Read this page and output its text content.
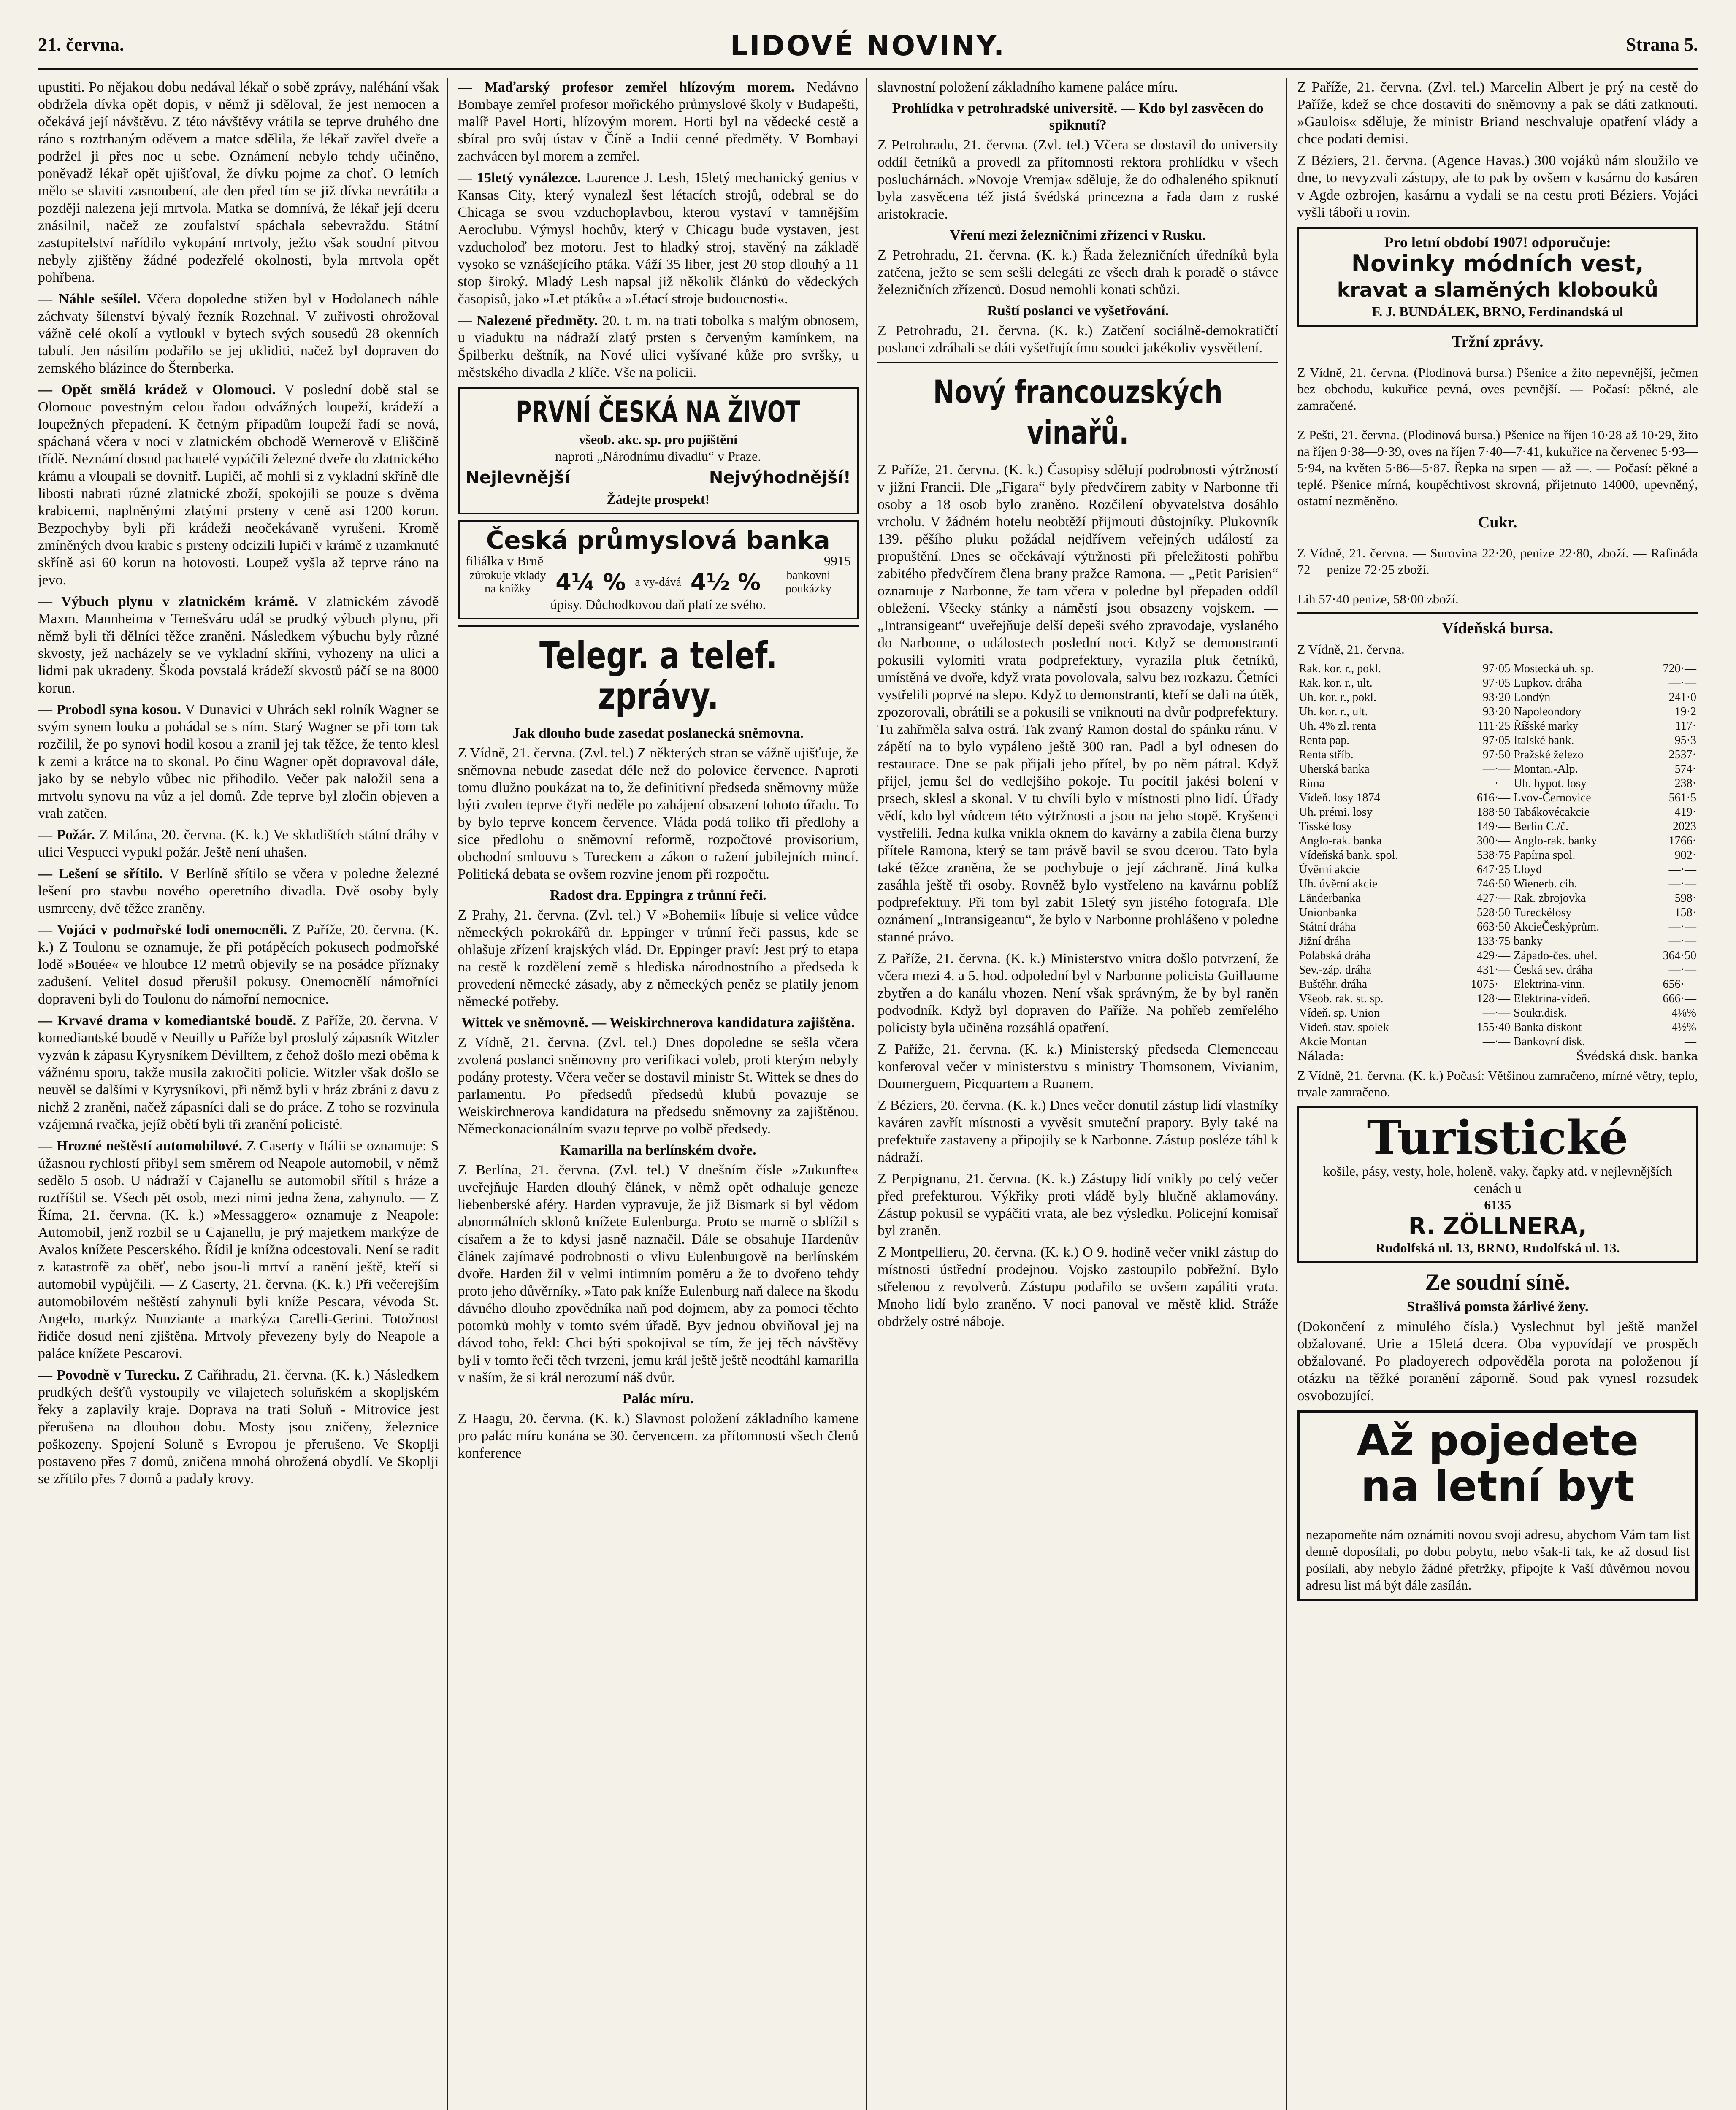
21. června.	LIDOVÉ NOVINY.	Strana 5.

upustiti. Po nějakou dobu nedával lékař o sobě zprávy, naléhání však obdržela dívka opět dopis, v němž ji sděloval, že jest nemocen a očekává její návštěvu. Z této návštěvy vrátila se teprve druhého dne ráno s roztrhaným oděvem a matce sdělila, že lékař zavřel dveře a podržel ji přes noc u sebe. Oznámení nebylo tehdy učiněno, poněvadž lékař opět ujišťoval, že dívku pojme za choť. O letních mělo se slaviti zasnoubení, ale den před tím se již dívka nevrátila a později nalezena její mrtvola. Matka se domnívá, že lékař její dceru znásilnil, načež ze zoufalství spáchala sebevraždu. Státní zastupitelství nařídilo vykopání mrtvoly, ježto však soudní pitvou nebyly zjištěny žádné podezřelé okolnosti, byla mrtvola opět pohřbena.

— Náhle sešílel. Včera dopoledne stižen byl v Hodolanech náhle záchvaty šílenství bývalý řezník Rozehnal. V zuřivosti ohrožoval vážně celé okolí a vytloukl v bytech svých sousedů 28 okenních tabulí. Jen násilím podařilo se jej ukliditi, načež byl dopraven do zemského blázince do Šternberka.

— Opět smělá krádež v Olomouci. V poslední době stal se Olomouc povestným celou řadou odvážných loupeží, krádeží a loupežných přepadení. K četným případům loupeží řadí se nová, spáchaná včera v noci v zlatnickém obchodě Wernerově v Eliščině třídě. Neznámí dosud pachatelé vypáčili železné dveře do zlatnického krámu a vloupali se dovnitř. Lupiči, ač mohli si z vykladní skříně dle libosti nabrati různé zlatnické zboží, spokojili se pouze s dvěma krabicemi, naplněnými zlatými prsteny v ceně asi 1200 korun. Bezpochyby byli při krádeži neočekávaně vyrušeni. Kromě zmíněných dvou krabic s prsteny odcizili lupiči v krámě z uzamknuté skříně asi 60 korun na hotovosti. Loupež vyšla až teprve ráno na jevo.

— Výbuch plynu v zlatnickém krámě. V zlatnickém závodě Maxm. Mannheima v Temešváru udál se prudký výbuch plynu, při němž byli tři dělníci těžce zraněni. Následkem výbuchu byly různé skvosty, jež nacházely se ve vykladní skříni, vyhozeny na ulici a lidmi pak ukradeny. Škoda povstalá krádeží skvostů páčí se na 8000 korun.

— Probodl syna kosou. V Dunavici v Uhrách sekl rolník Wagner se svým synem louku a pohádal se s ním. Starý Wagner se při tom tak rozčilil, že po synovi hodil kosou a zranil jej tak těžce, že tento klesl k zemi a krátce na to skonal. Po činu Wagner opět dopravoval dále, jako by se nebylo vůbec nic přihodilo. Večer pak naložil sena a mrtvolu synovu na vůz a jel domů. Zde teprve byl zločin objeven a vrah zatčen.

— Požár. Z Milána, 20. června. (K. k.) Ve skladištích státní dráhy v ulici Vespucci vypukl požár. Ještě není uhašen.

— Lešení se sřítilo. V Berlíně sřítilo se včera v poledne železné lešení pro stavbu nového operetního divadla. Dvě osoby byly usmrceny, dvě těžce zraněny.

— Vojáci v podmořské lodi onemocněli. Z Paříže, 20. června. (K. k.) Z Toulonu se oznamuje, že při potápěcích pokusech podmořské lodě »Bouée« ve hloubce 12 metrů objevily se na posádce příznaky zadušení. Velitel dosud přerušil pokusy. Onemocnělí námořníci dopraveni byli do Toulonu do námořní nemocnice.

— Krvavé drama v komediantské boudě. Z Paříže, 20. června. V komediantské boudě v Neuilly u Paříže byl proslulý zápasník Witzler vyzván k zápasu Kyrysníkem Dévilltem, z čehož došlo mezi oběma k vážnému sporu, takže musila zakročiti policie. Witzler však došlo se neuvěl se dalšími v Kyrysníkovi, při němž byli v hráz zbráni z davu z nichž 2 zraněni, načež zápasníci dali se do práce. Z toho se rozvinula vzájemná rvačka, jejíž obětí byli tři zranění policisté.

— Hrozné neštěstí automobilové. Z Caserty v Itálii se oznamuje: S úžasnou rychlostí přibyl sem směrem od Neapole automobil, v němž sedělo 5 osob. U nádraží v Cajanellu se automobil sřítil s hráze a roztříštil se. Všech pět osob, mezi nimi jedna žena, zahynulo. — Z Říma, 21. června. (K. k.) »Messaggero« oznamuje z Neapole: Automobil, jenž rozbil se u Cajanellu, je prý majetkem markýze de Avalos knížete Pescerského. Řídil je knížna odcestovali. Není se radit z katastrofě za oběť, nebo jsou-li mrtví a ranění ještě, kteří si automobil vypůjčili. — Z Caserty, 21. června. (K. k.) Při večerejším automobilovém neštěstí zahynuli byli kníže Pescara, vévoda St. Angelo, markýz Nunziante a markýza Carelli-Gerini. Totožnost řidiče dosud není zjištěna. Mrtvoly převezeny byly do Neapole a paláce knížete Pescarovi.

— Povodně v Turecku. Z Cařihradu, 21. června. (K. k.) Následkem prudkých dešťů vystoupily ve vilajetech soluňském a skopljském řeky a zaplavily kraje. Doprava na trati Soluň - Mitrovice jest přerušena na dlouhou dobu. Mosty jsou zničeny, železnice poškozeny. Spojení Soluně s Evropou je přerušeno. Ve Skoplji postaveno přes 7 domů, zničena mnohá ohrožená obydlí. Ve Skoplji se zřítilo přes 7 domů a padaly krovy.

— Maďarský profesor zemřel hlízovým morem. Nedávno Bombaye zemřel profesor mořického průmyslové školy v Budapešti, malíř Pavel Horti, hlízovým morem. Horti byl na vědecké cestě a sbíral pro svůj ústav v Číně a Indii cenné předměty. V Bombayi zachvácen byl morem a zemřel.

— 15letý vynálezce. Laurence J. Lesh, 15letý mechanický genius v Kansas City, který vynalezl šest létacích strojů, odebral se do Chicaga se svou vzduchoplavbou, kterou vystaví v tamnějším Aeroclubu. Výmysl hochův, který v Chicagu bude vystaven, jest vzducholoď bez motoru. Jest to hladký stroj, stavěný na základě vysoko se vznášejícího ptáka. Váží 35 liber, jest 20 stop dlouhý a 11 stop široký. Mladý Lesh napsal již několik článků do vědeckých časopisů, jako »Let ptáků« a »Létací stroje budoucnosti«.

— Nalezené předměty. 20. t. m. na trati tobolka s malým obnosem, u viaduktu na nádraží zlatý prsten s červeným kamínkem, na Špilberku deštník, na Nové ulici vyšívané kůže pro svršky, u městského divadla 2 klíče. Vše na policii.

PRVNÍ ČESKÁ NA ŽIVOT
všeob. akc. sp. pro pojištění
naproti „Národnímu divadlu“ v Praze.
Nejlevnější	Nejvýhodnější!
Žádejte prospekt!
Česká průmyslová banka
filiálka v Brně	9915
zúrokuje vklady na knížky	4¼ % a vy-dává 4½ %	bankovní poukázky
úpisy. Důchodkovou daň platí ze svého.
Telegr. a telef. zprávy.
Jak dlouho bude zasedat poslanecká sněmovna.

Z Vídně, 21. června. (Zvl. tel.) Z některých stran se vážně ujišťuje, že sněmovna nebude zasedat déle než do polovice července. Naproti tomu dlužno poukázat na to, že definitivní předseda sněmovny může býti zvolen teprve čtyři neděle po zahájení obsazení tohoto úřadu. To by bylo teprve koncem července. Vláda podá toliko tři předlohy a sice předlohu o sněmovní reformě, rozpočtové provisorium, obchodní smlouvu s Tureckem a zákon o ražení jubilejních mincí. Politická debata se ovšem rozvine jenom při rozpočtu.

Radost dra. Eppingra z trůnní řeči.

Z Prahy, 21. června. (Zvl. tel.) V »Bohemii« líbuje si velice vůdce německých pokrokářů dr. Eppinger v trůnní řeči passus, kde se ohlašuje zřízení krajských vlád. Dr. Eppinger praví: Jest prý to etapa na cestě k rozdělení země s hlediska národnostního a předseda k provedení německé zásady, aby z německých peněz se platily jenom německé potřeby.

Wittek ve sněmovně. — Weiskirchnerova kandidatura zajištěna.

Z Vídně, 21. června. (Zvl. tel.) Dnes dopoledne se sešla včera zvolená poslanci sněmovny pro verifikaci voleb, proti kterým nebyly podány protesty. Včera večer se dostavil ministr St. Wittek se dnes do parlamentu. Po předsedů předsedů klubů povazuje se Weiskirchnerova kandidatura na předsedu sněmovny za zajištěnou. Německonacionálním svazu teprve po volbě předsedy.

Kamarilla na berlínském dvoře.

Z Berlína, 21. června. (Zvl. tel.) V dnešním čísle »Zukunfte« uveřejňuje Harden dlouhý článek, v němž opět odhaluje geneze liebenberské aféry. Harden vypravuje, že již Bismark si byl vědom abnormálních sklonů knížete Eulenburga. Proto se marně o sblížil s císařem a že to kdysi jasně naznačil. Dále se obsahuje Hardenův článek zajímavé podrobnosti o vlivu Eulenburgově na berlínském dvoře. Harden žil v velmi intimním poměru a že to dvořeno tehdy proto jeho důvěrníky. »Tato pak kníže Eulenburg naň dalece na škodu dávného dlouho zpovědníka naň pod dojmem, aby za pomoci těchto potomků mohly v tomto svém úřadě. Byv jednou obviňoval jej na dávod toho, řekl: Chci býti spokojival se tím, že jej těch návštěvy byli v tomto řeči těch tvrzeni, jemu král ještě ještě neodtáhl kamarilla v naším, že si král nerozumí náš dvůr.

Palác míru.

Z Haagu, 20. června. (K. k.) Slavnost položení základního kamene pro palác míru konána se 30. červencem. za přítomnosti všech členů konference

slavnostní položení základního kamene paláce míru.

Prohlídka v petrohradské universitě. — Kdo byl zasvěcen do spiknutí?

Z Petrohradu, 21. června. (Zvl. tel.) Včera se dostavil do university oddíl četníků a provedl za přítomnosti rektora prohlídku v všech posluchárnách. »Novoje Vremja« sděluje, že do odhaleného spiknutí byla zasvěcena též jistá švédská princezna a řada dam z ruské aristokracie.

Vření mezi železničními zřízenci v Rusku.

Z Petrohradu, 21. června. (K. k.) Řada železničních úředníků byla zatčena, ježto se sem sešli delegáti ze všech drah k poradě o stávce železničních zřízenců. Dosud nemohli konati schůzi.

Ruští poslanci ve vyšetřování.

Z Petrohradu, 21. června. (K. k.) Zatčení sociálně-demokratičtí poslanci zdráhali se dáti vyšetřujícímu soudci jakékoliv vysvětlení.

Nový francouzských vinařů.

Z Paříže, 21. června. (K. k.) Časopisy sdělují podrobnosti výtržností v jižní Francii. Dle „Figara“ byly předvčírem zabity v Narbonne tři osoby a 18 osob bylo zraněno. Rozčilení obyvatelstva dosáhlo vrcholu. V žádném hotelu neobtěží přijmouti důstojníky. Plukovník 139. pěšího pluku požádal nejdřívem veřejných událostí za propuštění. Dnes se očekávají výtržnosti při přeležitosti pohřbu zabitého předvčírem člena brany pražce Ramona. — „Petit Parisien“ oznamuje z Narbonne, že tam včera v poledne byl přepaden oddíl obležení. Všecky stánky a náměstí jsou obsazeny vojskem. — „Intransigeant“ uveřejňuje delší depeši svého zpravodaje, vyslaného do Narbonne, o událostech poslední noci. Když se demonstranti pokusili vylomiti vrata podprefektury, vyrazila pluk četníků, umístěná ve dvoře, když vrata povolovala, salvu bez rozkazu. Četníci vystřelili poprvé na slepo. Když to demonstranti, kteří se dali na útěk, zpozorovali, obrátili se a pokusili se vniknouti na dvůr podprefektury. Tu zahřměla salva ostrá. Tak zvaný Ramon dostal do spánku ránu. V zápětí na to bylo vypáleno ještě 300 ran. Padl a byl odnesen do restaurace. Dne se pak přijali jeho přítel, by po něm pátral. Když přijel, jemu šel do vedlejšího pokoje. Tu pocítil jakési bolení v prsech, sklesl a skonal. V tu chvíli bylo v místnosti plno lidí. Úřady vědí, kdo byl vůdcem této výtržnosti a jsou na jeho stopě. Kryšenci vystřelili. Jedna kulka vnikla oknem do kavárny a zabila člena burzy přítele Ramona, který se tam právě bavil se svou dcerou. Tato byla také těžce zraněna, že se pochybuje o její záchraně. Jiná kulka zasáhla ještě tři osoby. Rovněž bylo vystřeleno na kavárnu poblíž podprefektury. Při tom byl zabit 15letý syn jistého fotografa. Dle oznámení „Intransigeantu“, že bylo v Narbonne prohlášeno v poledne stanné právo.

Z Paříže, 21. června. (K. k.) Ministerstvo vnitra došlo potvrzení, že včera mezi 4. a 5. hod. odpolední byl v Narbonne policista Guillaume zbytřen a do kanálu vhozen. Není však správným, že by byl raněn podvodník. Když byl dopraven do Paříže. Na pohřeb zemřelého policisty byla učiněna rozsáhlá opatření.

Z Paříže, 21. června. (K. k.) Ministerský předseda Clemenceau konferoval večer v ministerstvu s ministry Thomsonem, Vivianim, Doumerguem, Picquartem a Ruanem.

Z Béziers, 20. června. (K. k.) Dnes večer donutil zástup lidí vlastníky kaváren zavřít místnosti a vyvěsit smuteční prapory. Byly také na prefektuře zastaveny a připojily se k Narbonne. Zástup posléze táhl k nádraží.

Z Perpignanu, 21. června. (K. k.) Zástupy lidí vnikly po celý večer před prefekturou. Výkřiky proti vládě byly hlučně aklamovány. Zástup pokusil se vypáčiti vrata, ale bez výsledku. Policejní komisař byl zraněn.

Z Montpellieru, 20. června. (K. k.) O 9. hodině večer vnikl zástup do místnosti ústřední prodejnou. Vojsko zastoupilo pobřežní. Bylo střelenou z revolverů. Zástupu podařilo se ovšem zapáliti vrata. Mnoho lidí bylo zraněno. V noci panoval ve městě klid. Stráže obdržely ostré náboje.

Z Paříže, 21. června. (Zvl. tel.) Marcelin Albert je prý na cestě do Paříže, kdež se chce dostaviti do sněmovny a pak se dáti zatknouti. »Gaulois« sděluje, že ministr Briand neschvaluje opatření vlády a chce podati demisi.

Z Béziers, 21. června. (Agence Havas.) 300 vojáků nám sloužilo ve dne, to nevyzvali zástupy, ale to pak by ovšem v kasárnu do kasáren v Agde ozbrojen, kasárnu a vydali se na cestu proti Béziers. Vojáci vyšli táboři u rovin.

Pro letní období 1907! odporučuje:
Novinky módních vest,
kravat a slaměných klobouků
F. J. BUNDÁLEK, BRNO, Ferdinandská ul
Tržní zprávy.

Z Vídně, 21. června. (Plodinová bursa.) Pšenice a žito nepevnější, ječmen bez obchodu, kukuřice pevná, oves pevnější. — Počasí: pěkné, ale zamračené.

Z Pešti, 21. června. (Plodinová bursa.) Pšenice na říjen 10·28 až 10·29, žito na říjen 9·38—9·39, oves na říjen 7·40—7·41, kukuřice na červenec 5·93—5·94, na květen 5·86—5·87. Řepka na srpen — až —. — Počasí: pěkné a teplé. Pšenice mírná, koupěchtivost skrovná, přijetnuto 14000, upevněný, ostatní nezměněno.

Cukr.

Z Vídně, 21. června. — Surovina 22·20, penize 22·80, zboží. — Rafináda 72— penize 72·25 zboží.

Lih 57·40 penize, 58·00 zboží.

Vídeňská bursa.
Z Vídně, 21. června.
Rak. kor. r., pokl.	97·05	Mostecká uh. sp.	720·—
Rak. kor. r., ult.	97·05	Lupkov. dráha	—·—
Uh. kor. r., pokl.	93·20	Londýn	241·0
Uh. kor. r., ult.	93·20	Napoleondory	19·2
Uh. 4% zl. renta	111·25	Říšské marky	117·
Renta pap.	97·05	Italské bank.	95·3
Renta stříb.	97·50	Pražské železo	2537·
Uherská banka	—·—	Montan.-Alp.	574·
Rima	—·—	Uh. hypot. losy	238·
Vídeň. losy 1874	616·—	Lvov-Černovice	561·5
Uh. prémi. losy	188·50	Tabákovécakcie	419·
Tisské losy	149·—	Berlín C./č.	2023
Anglo-rak. banka	300·—	Anglo-rak. banky	1766·
Vídeňská bank. spol.	538·75	Papírna spol.	902·
Úvěrní akcie	647·25	Lloyd	—·—
Uh. úvěrní akcie	746·50	Wienerb. cih.	—·—
Länderbanka	427·—	Rak. zbrojovka	598·
Unionbanka	528·50	Tureckélosy	158·
Státní dráha	663·50	AkcieČeskýprům.	—·—
Jižní dráha	133·75	banky	—·—
Polabská dráha	429·—	Západo-čes. uhel.	364·50
Sev.-záp. dráha	431·—	Česká sev. dráha	—·—
Buštěhr. dráha	1075·—	Elektrina-vinn.	656·—
Všeob. rak. st. sp.	128·—	Elektrina-vídeň.	666·—
Vídeň. sp. Union	—·—	Soukr.disk.	4⅛%
Vídeň. stav. spolek	155·40	Banka diskont	4½%
Akcie Montan	—·—	Bankovní disk.	—
Nálada:	Švédská disk. banka

Z Vídně, 21. června. (K. k.) Počasí: Většinou zamračeno, mírné větry, teplo, trvale zamračeno.

Turistické
košile, pásy, vesty, hole, holeně, vaky, čapky atd. v nejlevnějších cenách u
6135
R. ZÖLLNERA,
Rudolfská ul. 13, BRNO, Rudolfská ul. 13.
Ze soudní síně.
Strašlivá pomsta žárlivé ženy.

(Dokončení z minulého čísla.) Vyslechnut byl ještě manžel obžalované. Urie a 15letá dcera. Oba vypovídají ve prospěch obžalované. Po pladoyerech odpověděla porota na položenou jí otázku na těžké poranění záporně. Soud pak vynesl rozsudek osvobozující.

Až pojedete
na letní byt
nezapomeňte nám oznámiti novou svoji adresu, abychom Vám tam list denně doposílali, po dobu pobytu, nebo však-li tak, ke až dosud list posílali, aby nebylo žádné přetržky, připojte k Vaší důvěrnou novou adresu list má být dále zasílán.
